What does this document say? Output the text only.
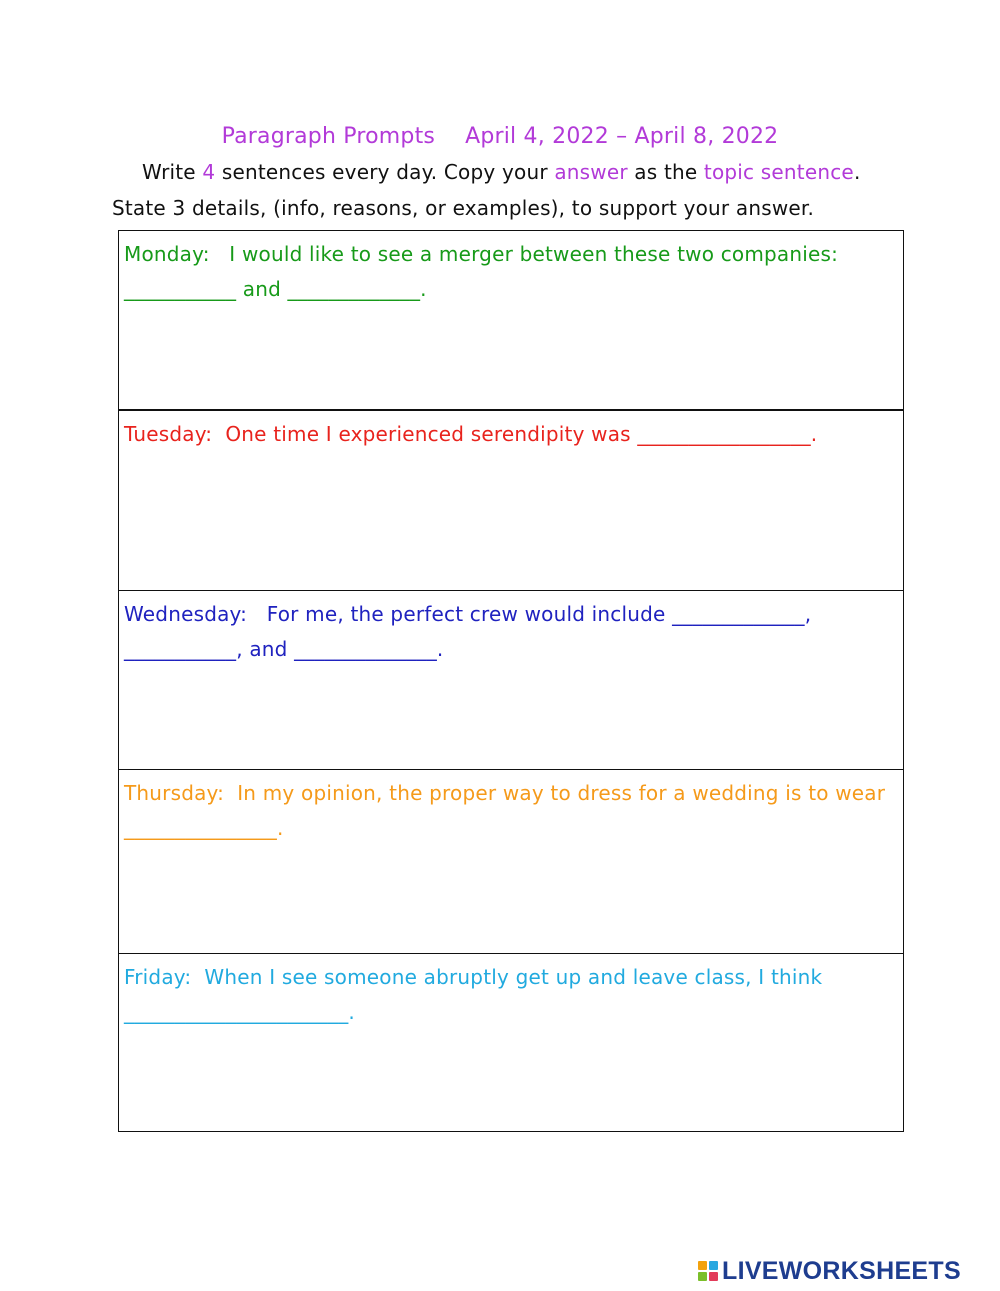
Paragraph Prompts April 4, 2022 – April 8, 2022
Write 4 sentences every day. Copy your answer as the topic sentence.
State 3 details, (info, reasons, or examples), to support your answer.
Monday:   I would like to see a merger between these two companies: ___________ and _____________.
Tuesday:  One time I experienced serendipity was _________________.
Wednesday:   For me, the perfect crew would include _____________, ___________, and ______________.
Thursday:  In my opinion, the proper way to dress for a wedding is to wear _______________.
Friday:  When I see someone abruptly get up and leave class, I think ______________________.
LIVEWORKSHEETS
